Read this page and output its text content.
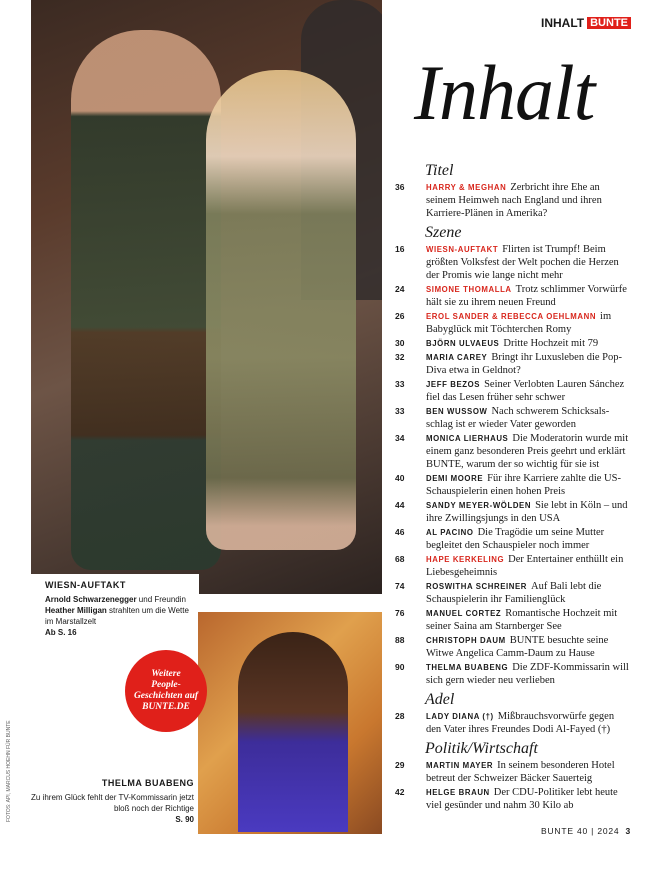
WIESN-AUFTAKT
Arnold Schwarzenegger und Freundin Heather Milligan strahlten um die Wette im Marstallzelt
Ab S. 16
Weitere
People-
Geschichten auf
BUNTE.DE
THELMA BUABENG
Zu ihrem Glück fehlt der TV-Kommissarin jetzt bloß noch der Richtige
S. 90
FOTOS: API, MARCUS HOEHN FÜR BUNTE
INHALT BUNTE
Inhalt
Titel
36	HARRY & MEGHAN Zerbricht ihre Ehe an seinem Heimweh nach England und ihren Karriere-Plänen in Amerika?
Szene
16	WIESN-AUFTAKT Flirten ist Trumpf! Beim größten Volksfest der Welt pochen die Herzen der Promis wie lange nicht mehr
24	SIMONE THOMALLA Trotz schlimmer Vorwürfe hält sie zu ihrem neuen Freund
26	EROL SANDER & REBECCA OEHLMANN im Babyglück mit Töchterchen Romy
30	BJÖRN ULVAEUS Dritte Hochzeit mit 79
32	MARIA CAREY Bringt ihr Luxusleben die Pop-Diva etwa in Geldnot?
33	JEFF BEZOS Seiner Verlobten Lauren Sánchez fiel das Lesen früher sehr schwer
33	BEN WUSSOW Nach schwerem Schicksals-schlag ist er wieder Vater geworden
34	MONICA LIERHAUS Die Moderatorin wurde mit einem ganz besonderen Preis geehrt und erklärt BUNTE, warum der so wichtig für sie ist
40	DEMI MOORE Für ihre Karriere zahlte die US-Schauspielerin einen hohen Preis
44	SANDY MEYER-WÖLDEN Sie lebt in Köln – und ihre Zwillingsjungs in den USA
46	AL PACINO Die Tragödie um seine Mutter begleitet den Schauspieler noch immer
68	HAPE KERKELING Der Entertainer enthüllt ein Liebesgeheimnis
74	ROSWITHA SCHREINER Auf Bali lebt die Schauspielerin ihr Familienglück
76	MANUEL CORTEZ Romantische Hochzeit mit seiner Saina am Starnberger See
88	CHRISTOPH DAUM BUNTE besuchte seine Witwe Angelica Camm-Daum zu Hause
90	THELMA BUABENG Die ZDF-Kommissarin will sich gern wieder neu verlieben
Adel
28	LADY DIANA (†) Mißbrauchsvorwürfe gegen den Vater ihres Freundes Dodi Al-Fayed (†)
Politik/Wirtschaft
29	MARTIN MAYER In seinem besonderen Hotel betreut der Schweizer Bäcker Sauerteig
42	HELGE BRAUN Der CDU-Politiker lebt heute viel gesünder und nahm 30 Kilo ab
BUNTE 40 | 2024 3
